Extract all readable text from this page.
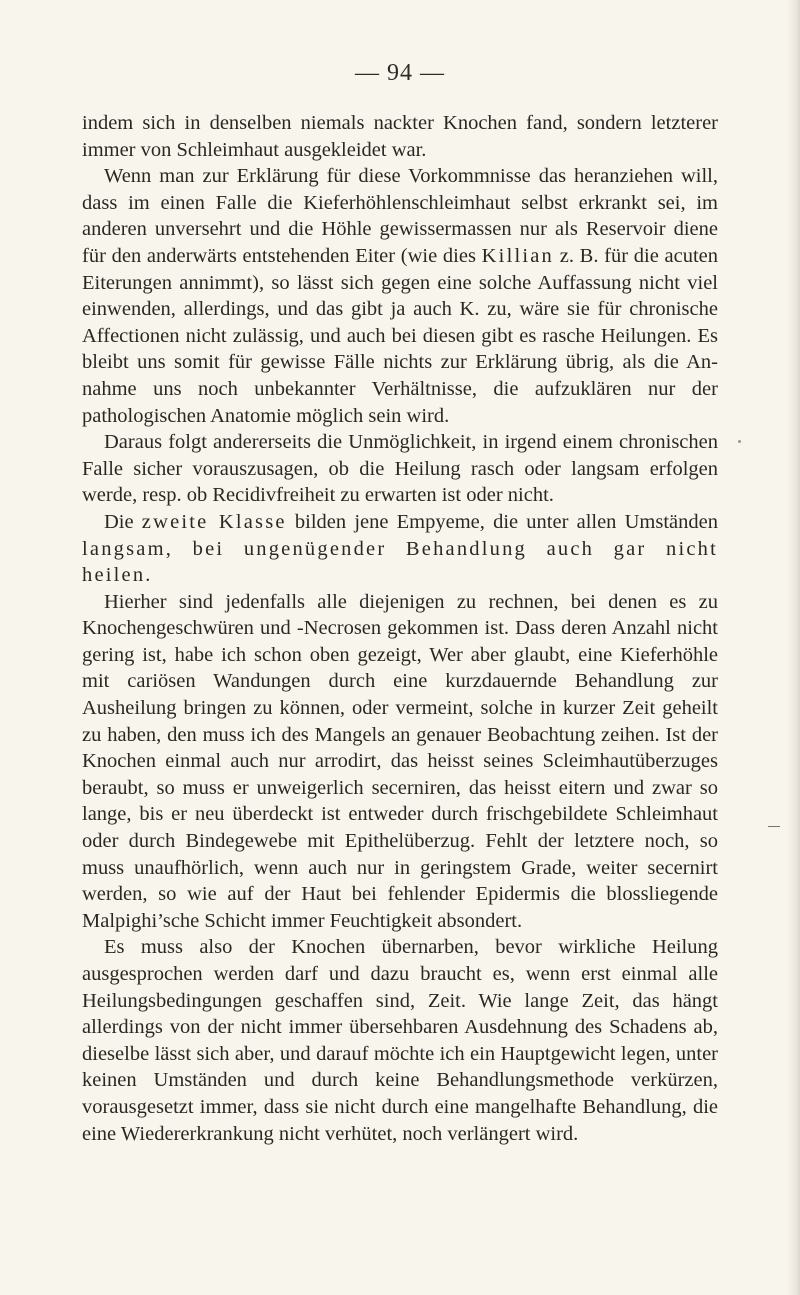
— 94 —

indem sich in denselben niemals nackter Knochen fand, sondern letzterer immer von Schleimhaut ausgekleidet war.

Wenn man zur Erklärung für diese Vorkommnisse das heranziehen will, dass im einen Falle die Kieferhöhlenschleimhaut selbst erkrankt sei, im anderen unversehrt und die Höhle gewissermassen nur als Reservoir diene für den anderwärts entstehenden Eiter (wie dies Killian z. B. für die acuten Eiterungen annimmt), so lässt sich gegen eine solche Auffassung nicht viel einwenden, allerdings, und das gibt ja auch K. zu, wäre sie für chronische Affectionen nicht zulässig, und auch bei diesen gibt es rasche Heilungen. Es bleibt uns somit für gewisse Fälle nichts zur Erklärung übrig, als die Annahme uns noch unbekannter Verhältnisse, die aufzuklären nur der pathologischen Anatomie möglich sein wird.

Daraus folgt andererseits die Unmöglichkeit, in irgend einem chronischen Falle sicher vorauszusagen, ob die Heilung rasch oder langsam erfolgen werde, resp. ob Recidivfreiheit zu erwarten ist oder nicht.

Die zweite Klasse bilden jene Empyeme, die unter allen Umständen langsam, bei ungenügender Behandlung auch gar nicht heilen.

Hierher sind jedenfalls alle diejenigen zu rechnen, bei denen es zu Knochengeschwüren und -Necrosen gekommen ist. Dass deren Anzahl nicht gering ist, habe ich schon oben gezeigt, Wer aber glaubt, eine Kieferhöhle mit cariösen Wandungen durch eine kurzdauernde Behandlung zur Ausheilung bringen zu können, oder vermeint, solche in kurzer Zeit geheilt zu haben, den muss ich des Mangels an genauer Beobachtung zeihen. Ist der Knochen einmal auch nur arrodirt, das heisst seines Scleimhautüberzuges beraubt, so muss er unweigerlich secerniren, das heisst eitern und zwar so lange, bis er neu überdeckt ist entweder durch frischgebildete Schleimhaut oder durch Bindegewebe mit Epithelüberzug. Fehlt der letztere noch, so muss unaufhörlich, wenn auch nur in geringstem Grade, weiter secernirt werden, so wie auf der Haut bei fehlender Epidermis die blossliegende Malpighi’sche Schicht immer Feuchtigkeit absondert.

Es muss also der Knochen übernarben, bevor wirkliche Heilung ausgesprochen werden darf und dazu braucht es, wenn erst einmal alle Heilungsbedingungen geschaffen sind, Zeit. Wie lange Zeit, das hängt allerdings von der nicht immer übersehbaren Ausdehnung des Schadens ab, dieselbe lässt sich aber, und darauf möchte ich ein Hauptgewicht legen, unter keinen Umständen und durch keine Behandlungsmethode verkürzen, vorausgesetzt immer, dass sie nicht durch eine mangelhafte Behandlung, die eine Wiedererkrankung nicht verhütet, noch verlängert wird.
